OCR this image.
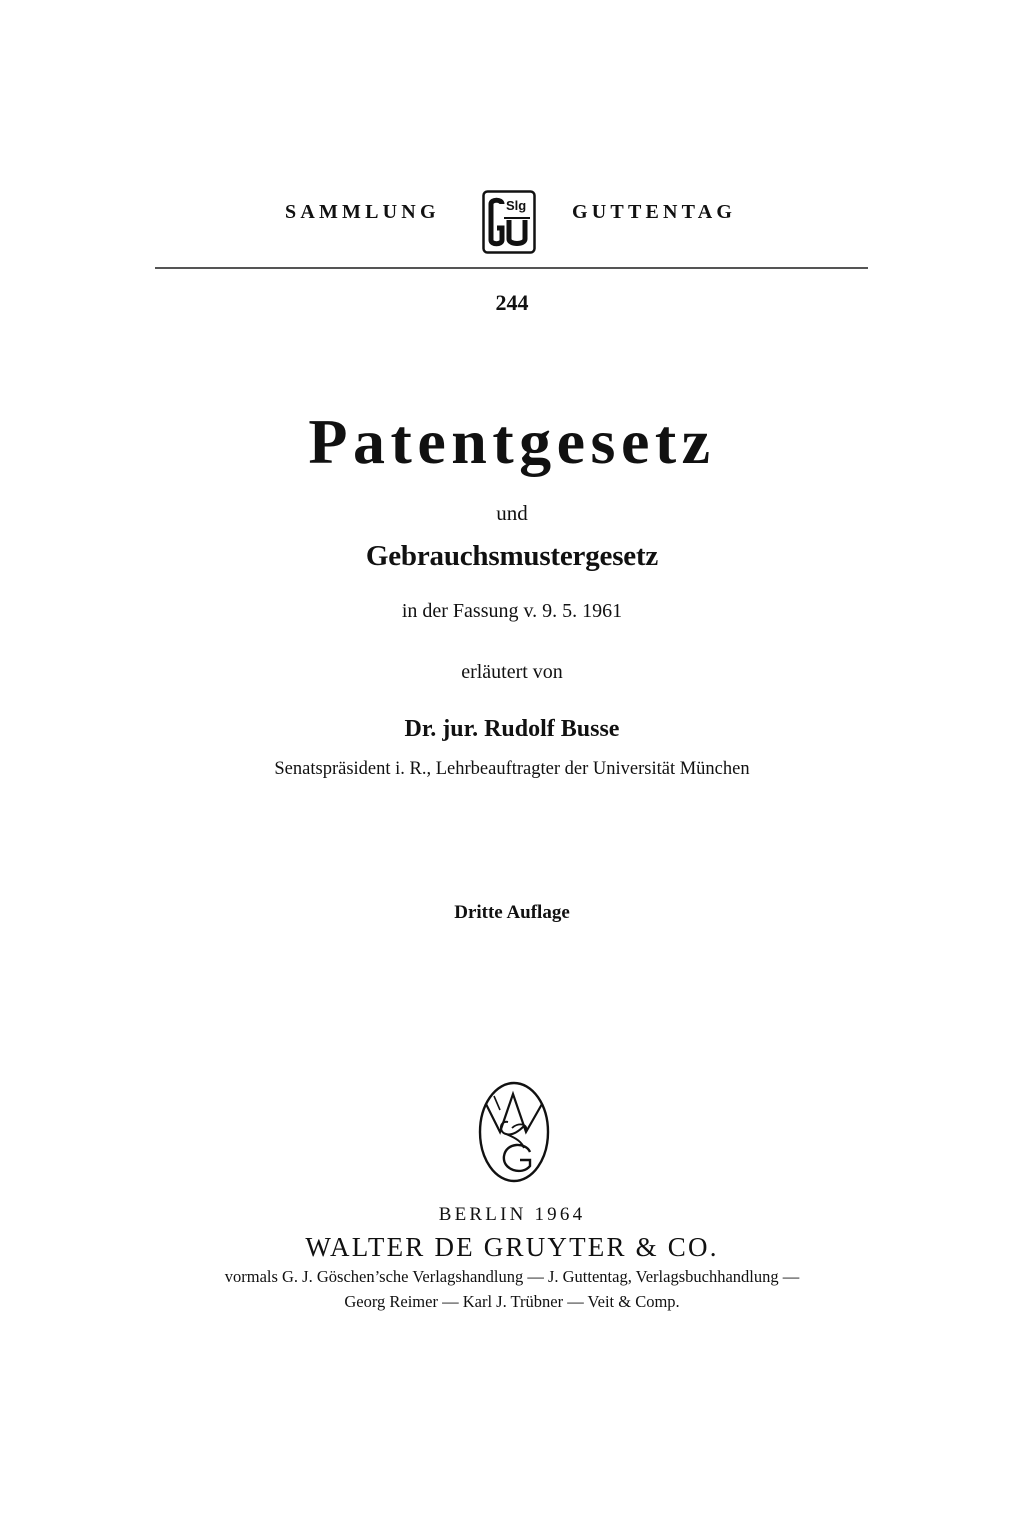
SAMMLUNG	Slg GUTTENTAG
244
Patentgesetz
und
Gebrauchsmustergesetz
in der Fassung v. 9. 5. 1961
erläutert von
Dr. jur. Rudolf Busse
Senatspräsident i. R., Lehrbeauftragter der Universität München
Dritte Auflage
BERLIN 1964
WALTER DE GRUYTER & CO.
vormals G. J. Göschen’sche Verlagshandlung — J. Guttentag, Verlagsbuchhandlung —
Georg Reimer — Karl J. Trübner — Veit & Comp.
